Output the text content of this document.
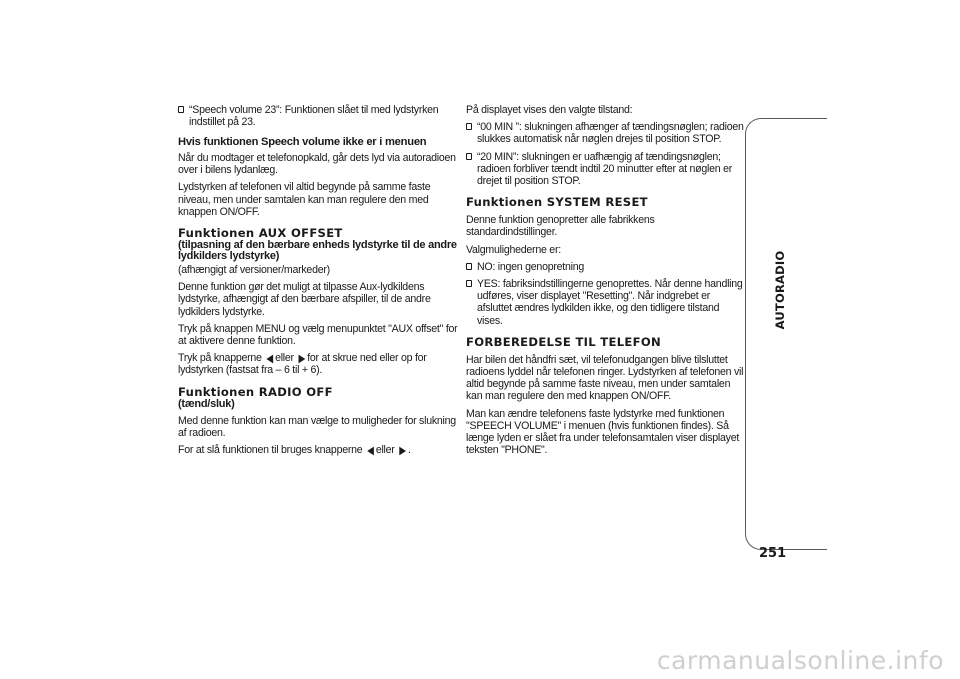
“Speech volume 23”: Funktionen slået til med lydstyrken indstillet på 23.

Hvis funktionen Speech volume ikke er i menuen

Når du modtager et telefonopkald, går dets lyd via autoradioen over i bilens lydanlæg.

Lydstyrken af telefonen vil altid begynde på samme faste niveau, men under samtalen kan man regulere den med knappen ON/OFF.

Funktionen AUX OFFSET

(tilpasning af den bærbare enheds lydstyrke til de andre lydkilders lydstyrke)

(afhængigt af versioner/markeder)

Denne funktion gør det muligt at tilpasse Aux-lydkildens lydstyrke, afhængigt af den bærbare afspiller, til de andre lydkilders lydstyrke.

Tryk på knappen MENU og vælg menupunktet "AUX offset" for at aktivere denne funktion.

Tryk på knapperne ◀ eller ▶ for at skrue ned eller op for lydstyrken (fastsat fra – 6 til + 6).

Funktionen RADIO OFF

(tænd/sluk)

Med denne funktion kan man vælge to muligheder for slukning af radioen.

For at slå funktionen til bruges knapperne ◀ eller ▶ .

På displayet vises den valgte tilstand:

“00 MIN ”: slukningen afhænger af tændingsnøglen; radioen slukkes automatisk når nøglen drejes til position STOP.

“20 MIN”: slukningen er uafhængig af tændingsnøglen; radioen forbliver tændt indtil 20 minutter efter at nøglen er drejet til position STOP.

Funktionen SYSTEM RESET

Denne funktion genopretter alle fabrikkens standardindstillinger.

Valgmulighederne er:

NO: ingen genopretning

YES: fabriksindstillingerne genoprettes. Når denne handling udføres, viser displayet "Resetting". Når indgrebet er afsluttet ændres lydkilden ikke, og den tidligere tilstand vises.

FORBEREDELSE TIL TELEFON

Har bilen det håndfri sæt, vil telefonudgangen blive tilsluttet radioens lyddel når telefonen ringer. Lydstyrken af telefonen vil altid begynde på samme faste niveau, men under samtalen kan man regulere den med knappen ON/OFF.

Man kan ændre telefonens faste lydstyrke med funktionen "SPEECH VOLUME" i menuen (hvis funktionen findes). Så længe lyden er slået fra under telefonsamtalen viser displayet teksten "PHONE".

AUTORADIO
251
carmanualsonline.info
